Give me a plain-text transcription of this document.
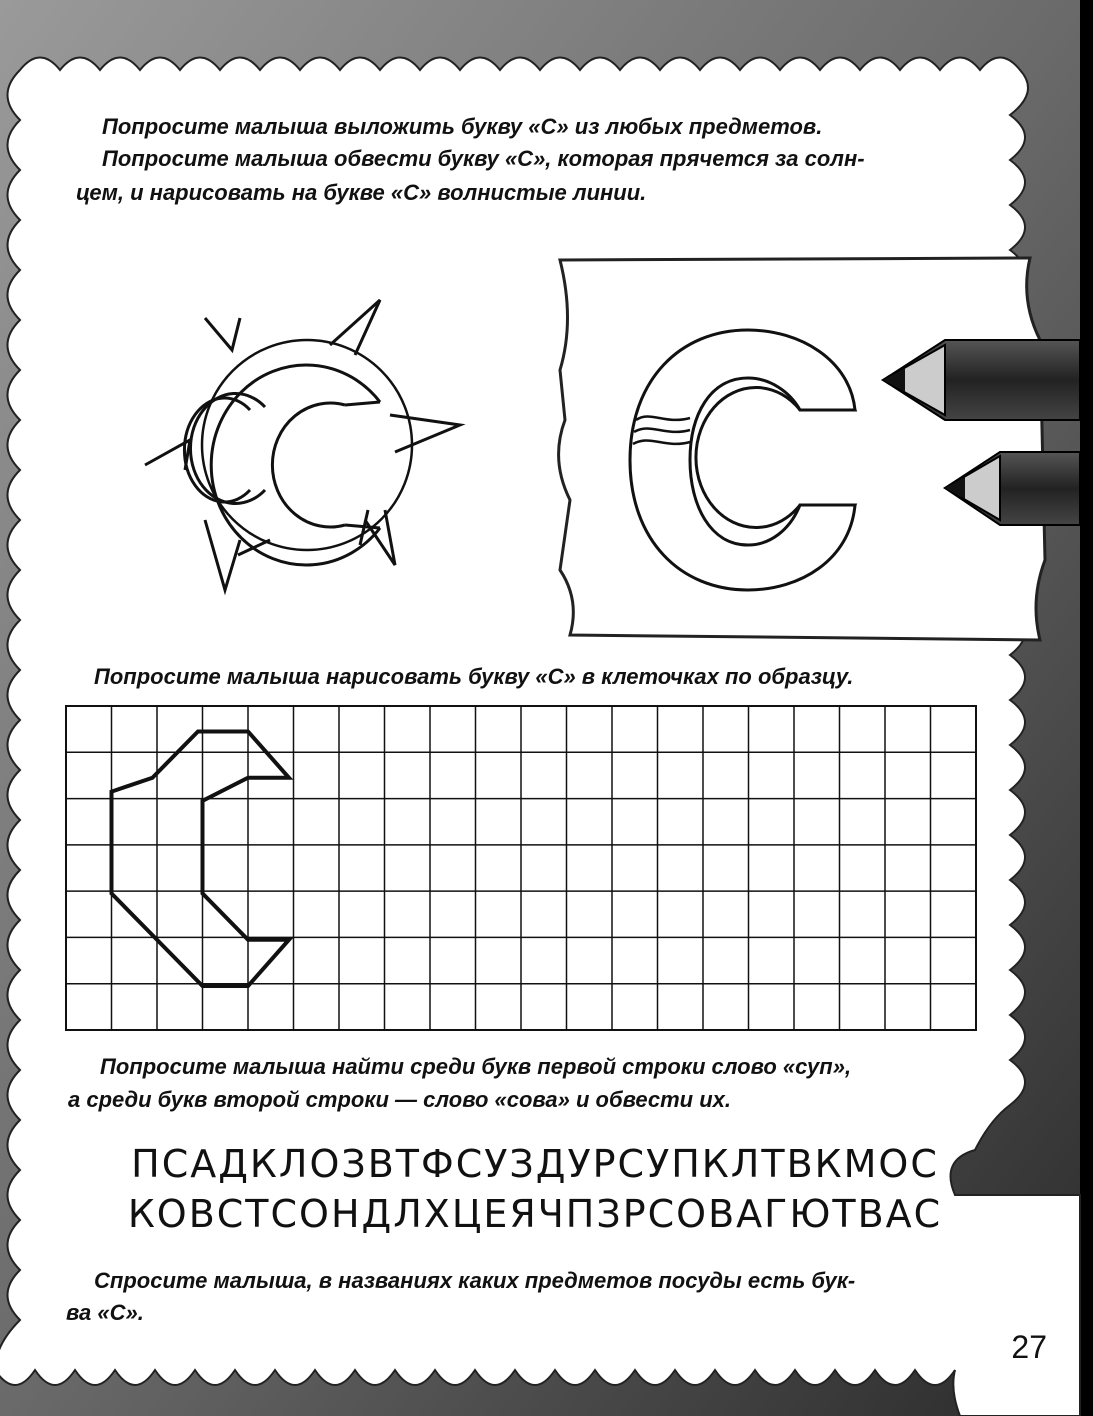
Попросите малыша выложить букву «С» из любых предметов.
Попросите малыша обвести букву «С», которая прячется за солн-
цем, и нарисовать на букве «С» волнистые линии.
Попросите малыша нарисовать букву «С» в клеточках по образцу.
Попросите малыша найти среди букв первой строки слово «суп»,
а среди букв второй строки — слово «сова» и обвести их.
ПСАДКЛОЗВТФСУЗДУРСУПКЛТВКМОС
КОВСТСОНДЛХЦЕЯЧПЗРСОВАГЮТВАС
Спросите малыша, в названиях каких предметов посуды есть бук-
ва «С».
27
